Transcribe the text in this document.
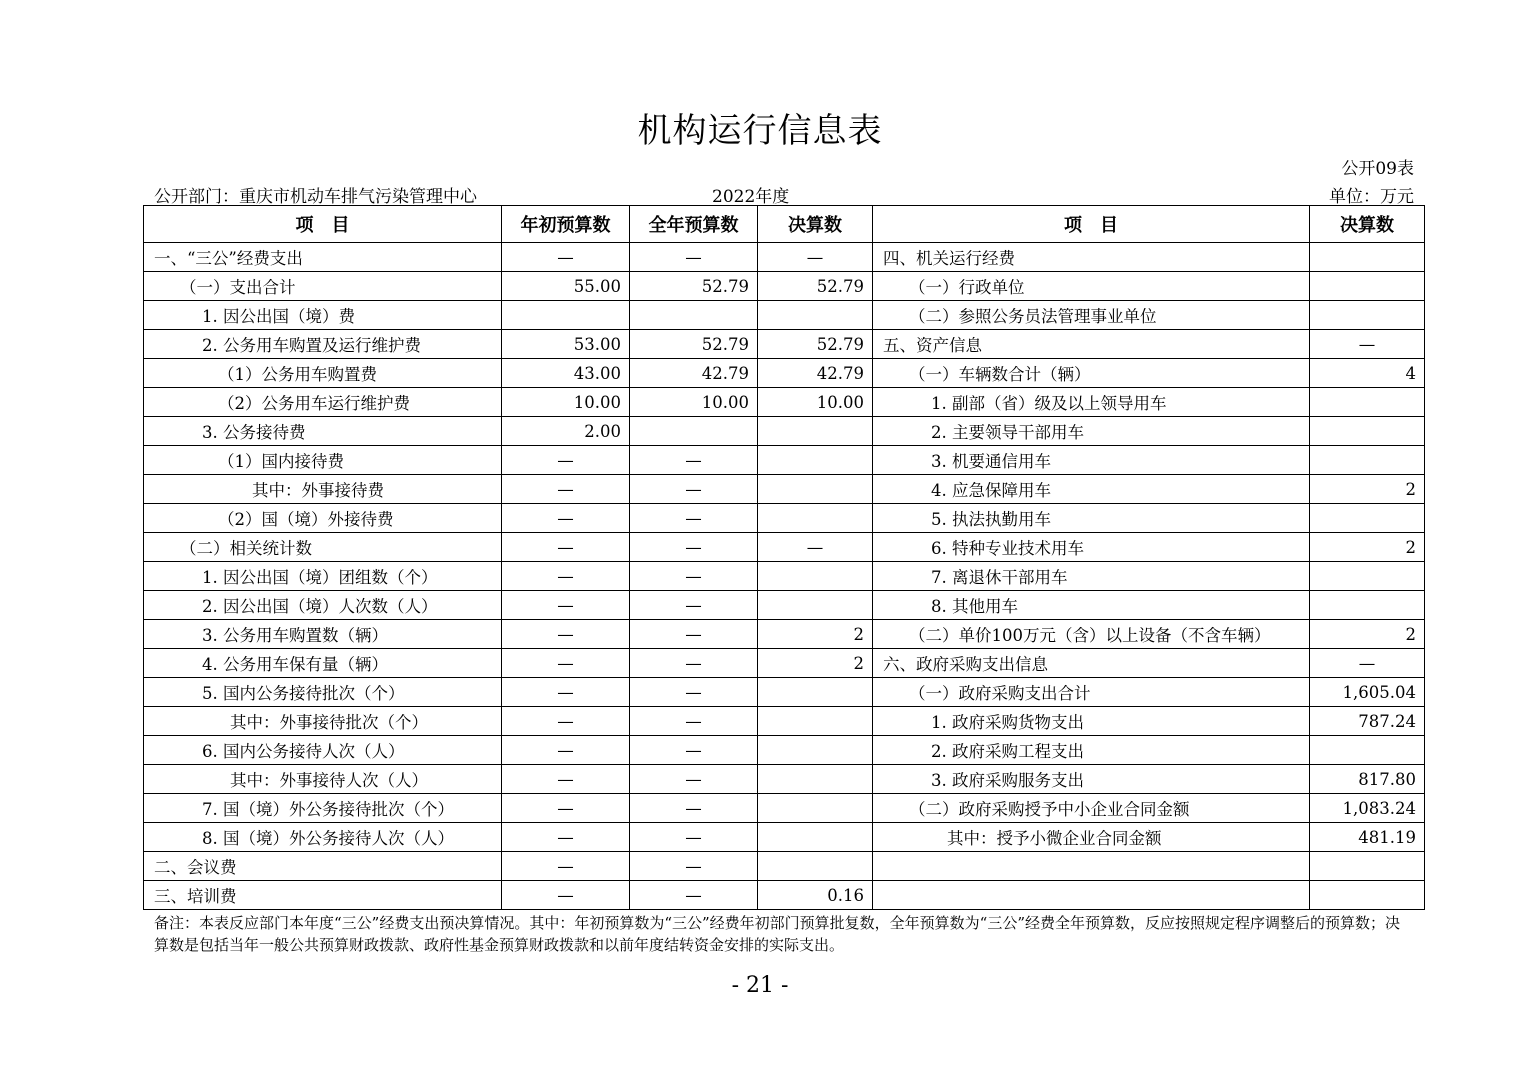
机构运行信息表
公开09表
公开部门：重庆市机动车排气污染管理中心	2022年度	单位：万元
项　目	年初预算数	全年预算数	决算数	项　目	决算数
一、“三公”经费支出	—	—	—	四、机关运行经费	
（一）支出合计	55.00	52.79	52.79	（一）行政单位	
1. 因公出国（境）费				（二）参照公务员法管理事业单位	
2. 公务用车购置及运行维护费	53.00	52.79	52.79	五、资产信息	—
（1）公务用车购置费	43.00	42.79	42.79	（一）车辆数合计（辆）	4
（2）公务用车运行维护费	10.00	10.00	10.00	1. 副部（省）级及以上领导用车	
3. 公务接待费	2.00			2. 主要领导干部用车	
（1）国内接待费	—	—		3. 机要通信用车	
其中：外事接待费	—	—		4. 应急保障用车	2
（2）国（境）外接待费	—	—		5. 执法执勤用车	
（二）相关统计数	—	—	—	6. 特种专业技术用车	2
1. 因公出国（境）团组数（个）	—	—		7. 离退休干部用车	
2. 因公出国（境）人次数（人）	—	—		8. 其他用车	
3. 公务用车购置数（辆）	—	—	2	（二）单价100万元（含）以上设备（不含车辆）	2
4. 公务用车保有量（辆）	—	—	2	六、政府采购支出信息	—
5. 国内公务接待批次（个）	—	—		（一）政府采购支出合计	1,605.04
其中：外事接待批次（个）	—	—		1. 政府采购货物支出	787.24
6. 国内公务接待人次（人）	—	—		2. 政府采购工程支出	
其中：外事接待人次（人）	—	—		3. 政府采购服务支出	817.80
7. 国（境）外公务接待批次（个）	—	—		（二）政府采购授予中小企业合同金额	1,083.24
8. 国（境）外公务接待人次（人）	—	—		其中：授予小微企业合同金额	481.19
二、会议费	—	—			
三、培训费	—	—	0.16		
备注：本表反应部门本年度“三公”经费支出预决算情况。其中：年初预算数为“三公”经费年初部门预算批复数，全年预算数为“三公”经费全年预算数，反应按照规定程序调整后的预算数；决算数是包括当年一般公共预算财政拨款、政府性基金预算财政拨款和以前年度结转资金安排的实际支出。
- 21 -
